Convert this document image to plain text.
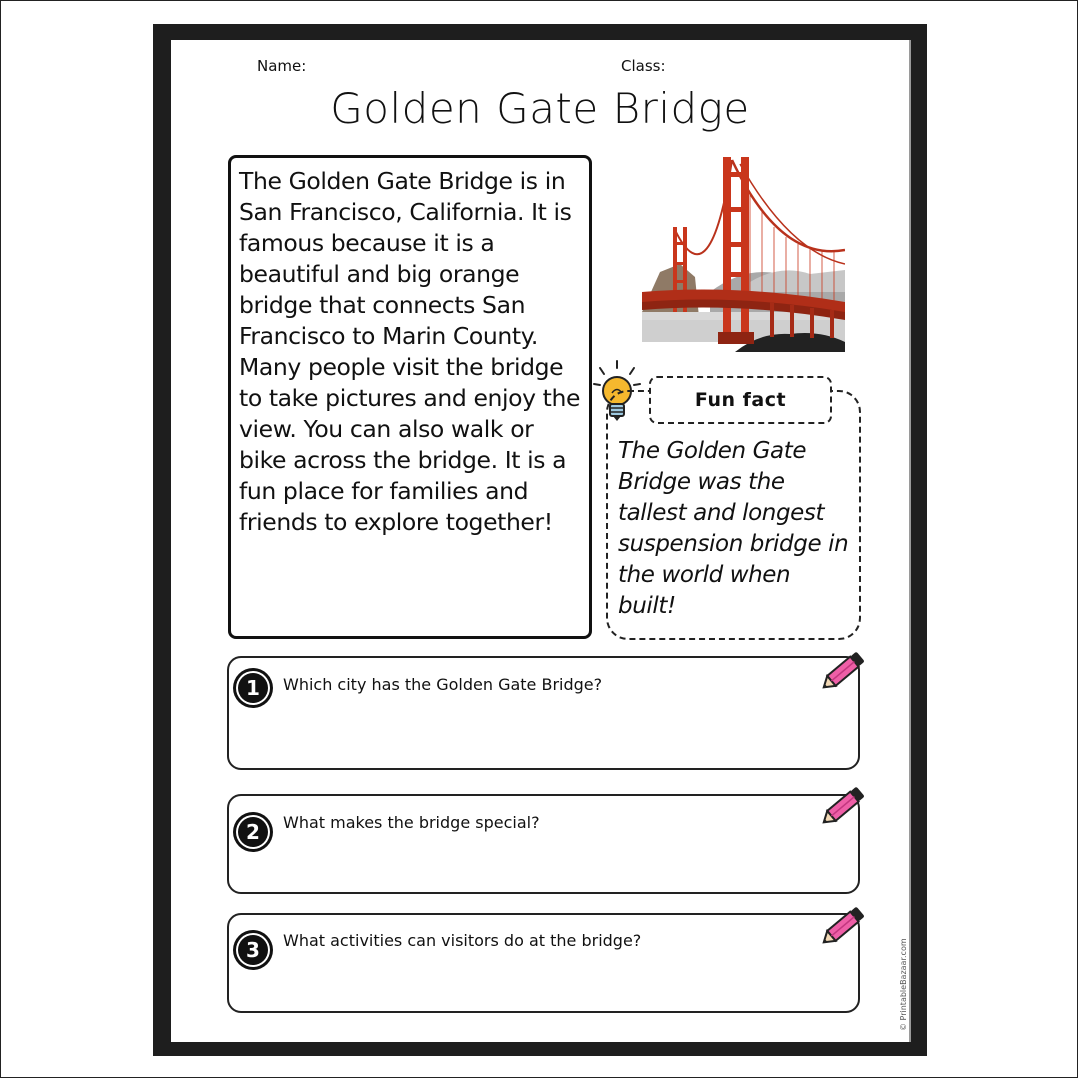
Name:	Class:
Golden Gate Bridge

The Golden Gate Bridge is in San Francisco, California. It is famous because it is a beautiful and big orange bridge that connects San Francisco to Marin County. Many people visit the bridge to take pictures and enjoy the view. You can also walk or bike across the bridge. It is a fun place for families and friends to explore together!

The Golden Gate Bridge was the tallest and longest suspension bridge in the world when built!

Fun fact
1	Which city has the Golden Gate Bridge?
2	What makes the bridge special?
3	What activities can visitors do at the bridge?	© PrintableBazaar.com
